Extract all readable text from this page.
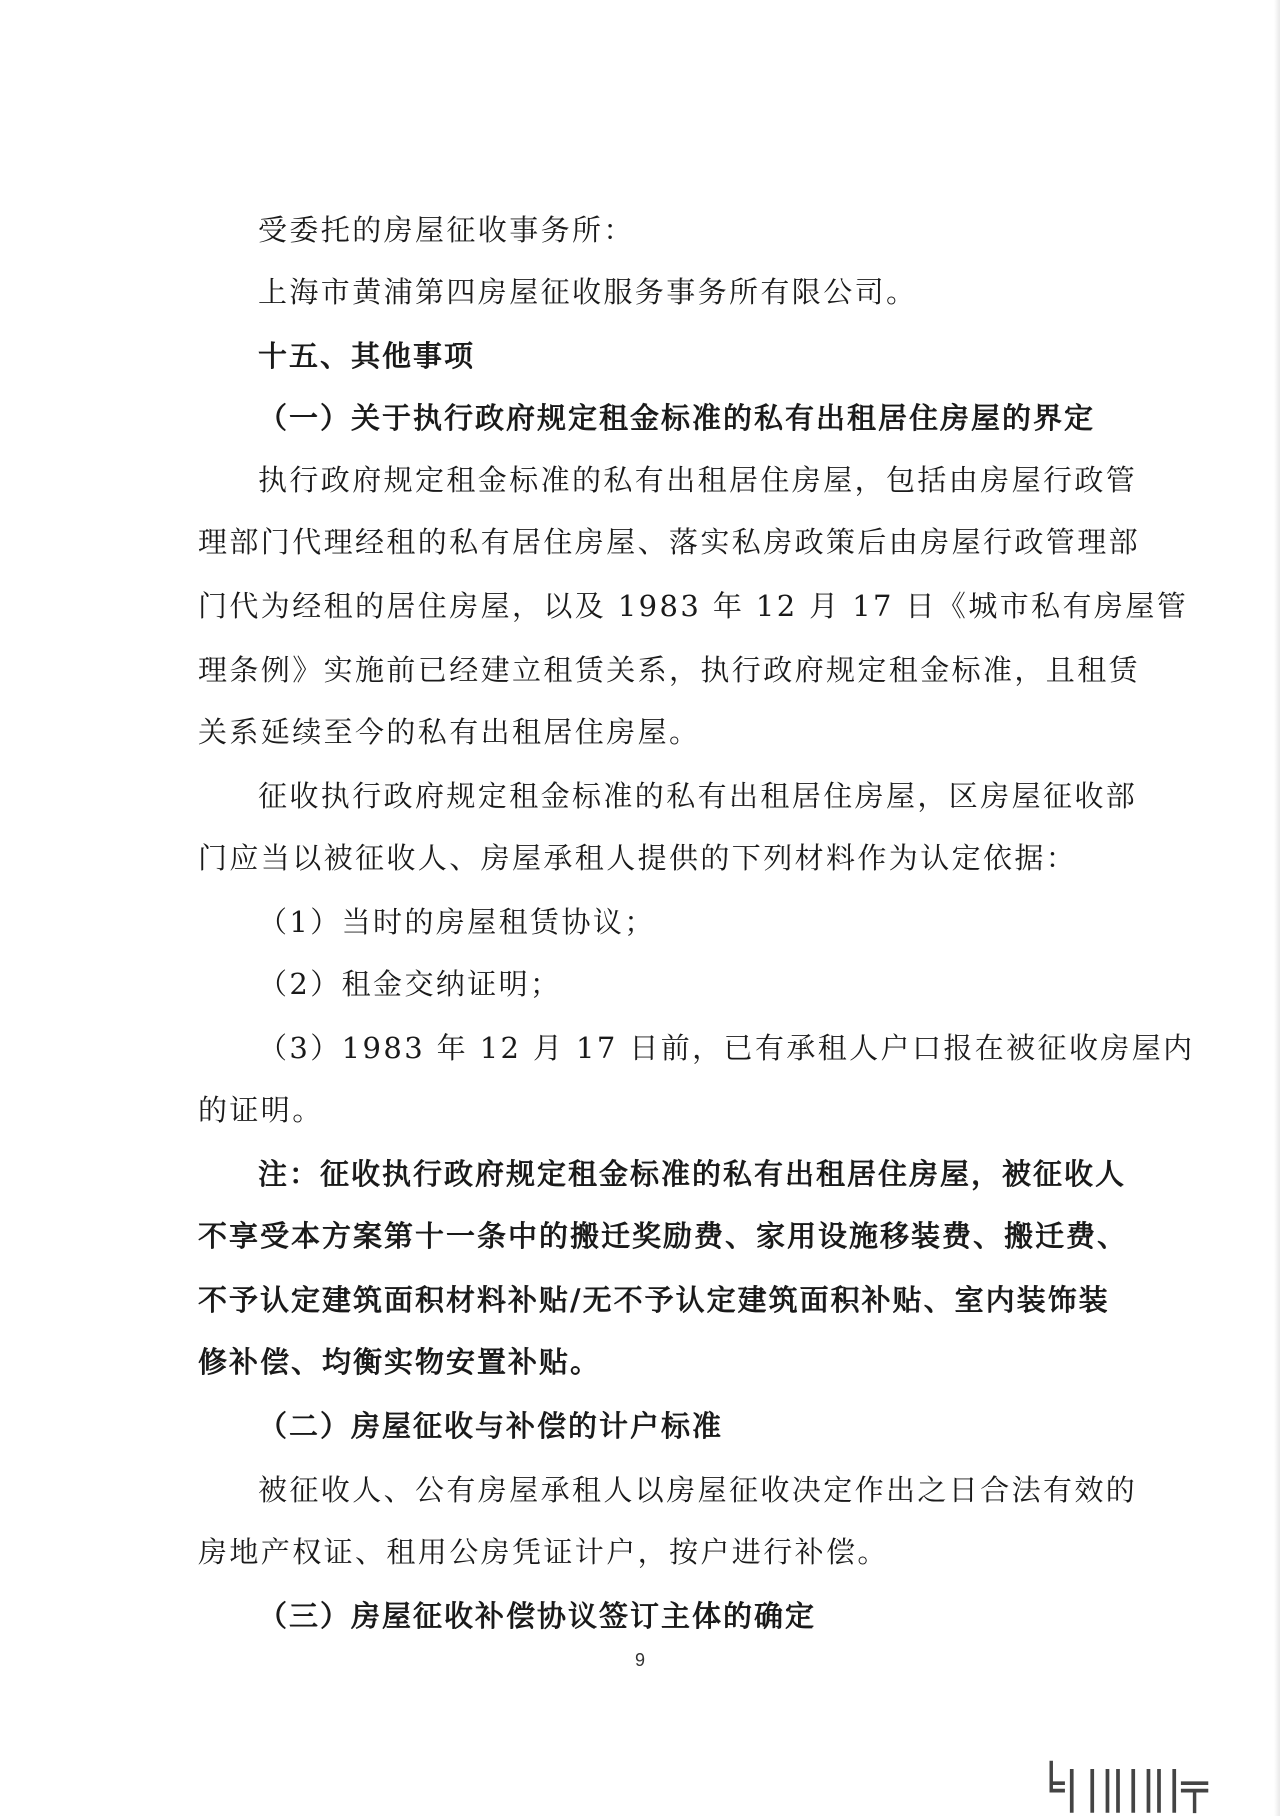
受委托的房屋征收事务所：
上海市黄浦第四房屋征收服务事务所有限公司。
十五、其他事项
（一）关于执行政府规定租金标准的私有出租居住房屋的界定
执行政府规定租金标准的私有出租居住房屋，包括由房屋行政管
理部门代理经租的私有居住房屋、落实私房政策后由房屋行政管理部
门代为经租的居住房屋，以及 1983 年 12 月 17 日《城市私有房屋管
理条例》实施前已经建立租赁关系，执行政府规定租金标准，且租赁
关系延续至今的私有出租居住房屋。
征收执行政府规定租金标准的私有出租居住房屋，区房屋征收部
门应当以被征收人、房屋承租人提供的下列材料作为认定依据：
（1）当时的房屋租赁协议；
（2）租金交纳证明；
（3）1983 年 12 月 17 日前，已有承租人户口报在被征收房屋内
的证明。
注：征收执行政府规定租金标准的私有出租居住房屋，被征收人
不享受本方案第十一条中的搬迁奖励费、家用设施移装费、搬迁费、
不予认定建筑面积材料补贴/无不予认定建筑面积补贴、室内装饰装
修补偿、均衡实物安置补贴。
（二）房屋征收与补偿的计户标准
被征收人、公有房屋承租人以房屋征收决定作出之日合法有效的
房地产权证、租用公房凭证计户，按户进行补偿。
（三）房屋征收补偿协议签订主体的确定
9
╘||‖|‖|╤
